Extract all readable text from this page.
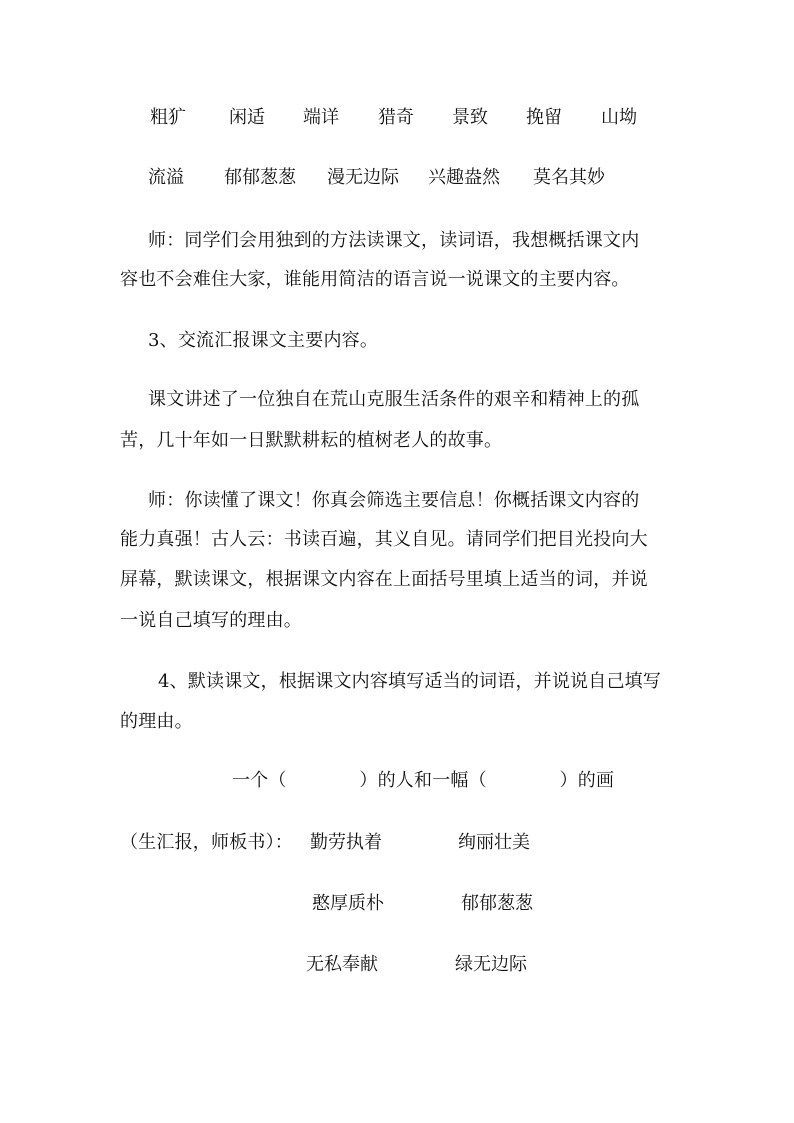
粗犷 闲适 端详 猎奇 景致 挽留 山坳
流溢 郁郁葱葱 漫无边际 兴趣盎然 莫名其妙
师：同学们会用独到的方法读课文，读词语，我想概括课文内
容也不会难住大家，谁能用简洁的语言说一说课文的主要内容。
3、交流汇报课文主要内容。
课文讲述了一位独自在荒山克服生活条件的艰辛和精神上的孤
苦，几十年如一日默默耕耘的植树老人的故事。
师：你读懂了课文！你真会筛选主要信息！你概括课文内容的
能力真强！古人云：书读百遍，其义自见。请同学们把目光投向大
屏幕，默读课文，根据课文内容在上面括号里填上适当的词，并说
一说自己填写的理由。
4、默读课文，根据课文内容填写适当的词语，并说说自己填写
的理由。
一个（　　　　）的人和一幅（　　　　）的画
（生汇报，师板书）： 勤劳执着	绚丽壮美
憨厚质朴	郁郁葱葱
无私奉献	绿无边际
